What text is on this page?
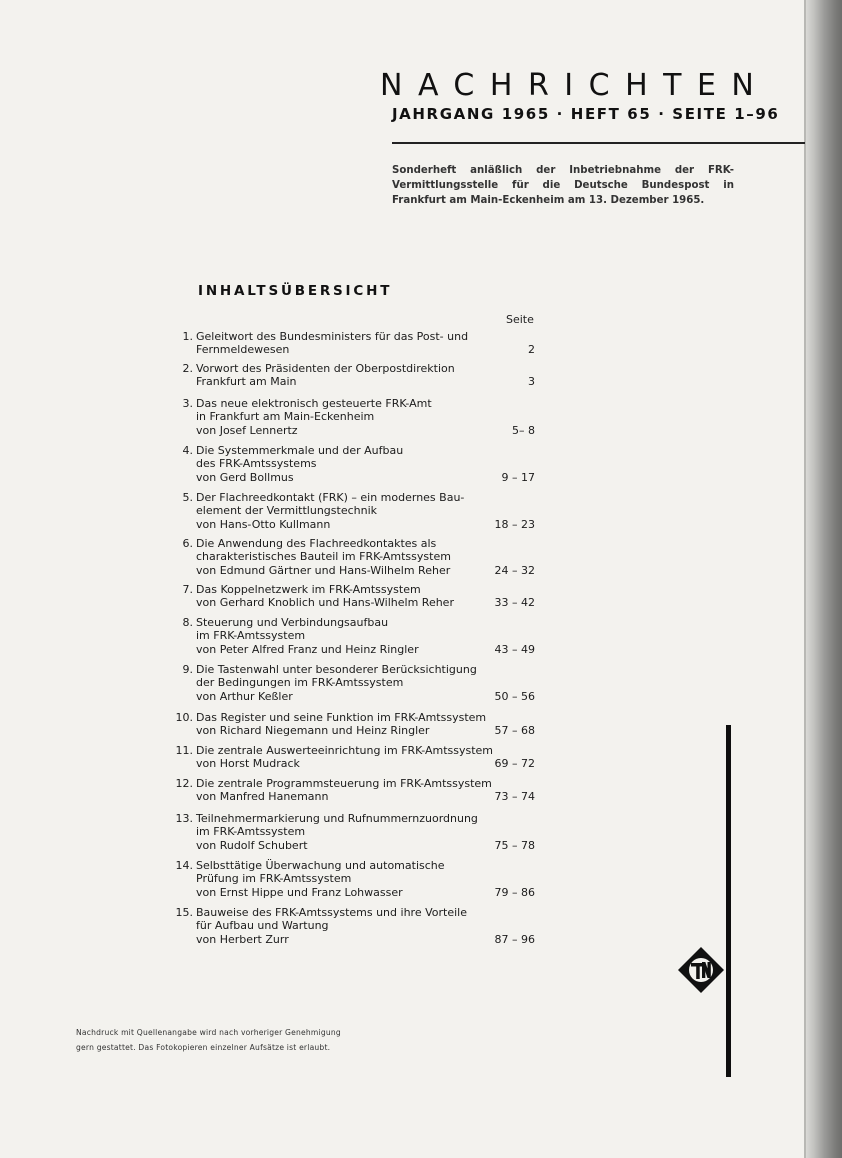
NACHRICHTEN
JAHRGANG 1965 · HEFT 65 · SEITE 1–96
Sonderheft anläßlich der Inbetriebnahme der FRK-Vermittlungsstelle für die Deutsche Bundespost in Frankfurt am Main-Eckenheim am 13. Dezember 1965.
INHALTSÜBERSICHT
Seite
1. Geleitwort des Bundesministers für das Post- und
Fernmeldewesen	2
2. Vorwort des Präsidenten der Oberpostdirektion
Frankfurt am Main	3
3. Das neue elektronisch gesteuerte FRK-Amt
in Frankfurt am Main-Eckenheim
von Josef Lennertz	5– 8
4. Die Systemmerkmale und der Aufbau
des FRK-Amtssystems
von Gerd Bollmus	9 – 17
5. Der Flachreedkontakt (FRK) – ein modernes Bau-
element der Vermittlungstechnik
von Hans-Otto Kullmann	18 – 23
6. Die Anwendung des Flachreedkontaktes als
charakteristisches Bauteil im FRK-Amtssystem
von Edmund Gärtner und Hans-Wilhelm Reher	24 – 32
7. Das Koppelnetzwerk im FRK-Amtssystem
von Gerhard Knoblich und Hans-Wilhelm Reher	33 – 42
8. Steuerung und Verbindungsaufbau
im FRK-Amtssystem
von Peter Alfred Franz und Heinz Ringler	43 – 49
9. Die Tastenwahl unter besonderer Berücksichtigung
der Bedingungen im FRK-Amtssystem
von Arthur Keßler	50 – 56
10. Das Register und seine Funktion im FRK-Amtssystem
von Richard Niegemann und Heinz Ringler	57 – 68
11. Die zentrale Auswerteeinrichtung im FRK-Amtssystem
von Horst Mudrack	69 – 72
12. Die zentrale Programmsteuerung im FRK-Amtssystem
von Manfred Hanemann	73 – 74
13. Teilnehmermarkierung und Rufnummernzuordnung
im FRK-Amtssystem
von Rudolf Schubert	75 – 78
14. Selbsttätige Überwachung und automatische
Prüfung im FRK-Amtssystem
von Ernst Hippe und Franz Lohwasser	79 – 86
15. Bauweise des FRK-Amtssystems und ihre Vorteile
für Aufbau und Wartung
von Herbert Zurr	87 – 96
Nachdruck mit Quellenangabe wird nach vorheriger Genehmigung
gern gestattet. Das Fotokopieren einzelner Aufsätze ist erlaubt.
